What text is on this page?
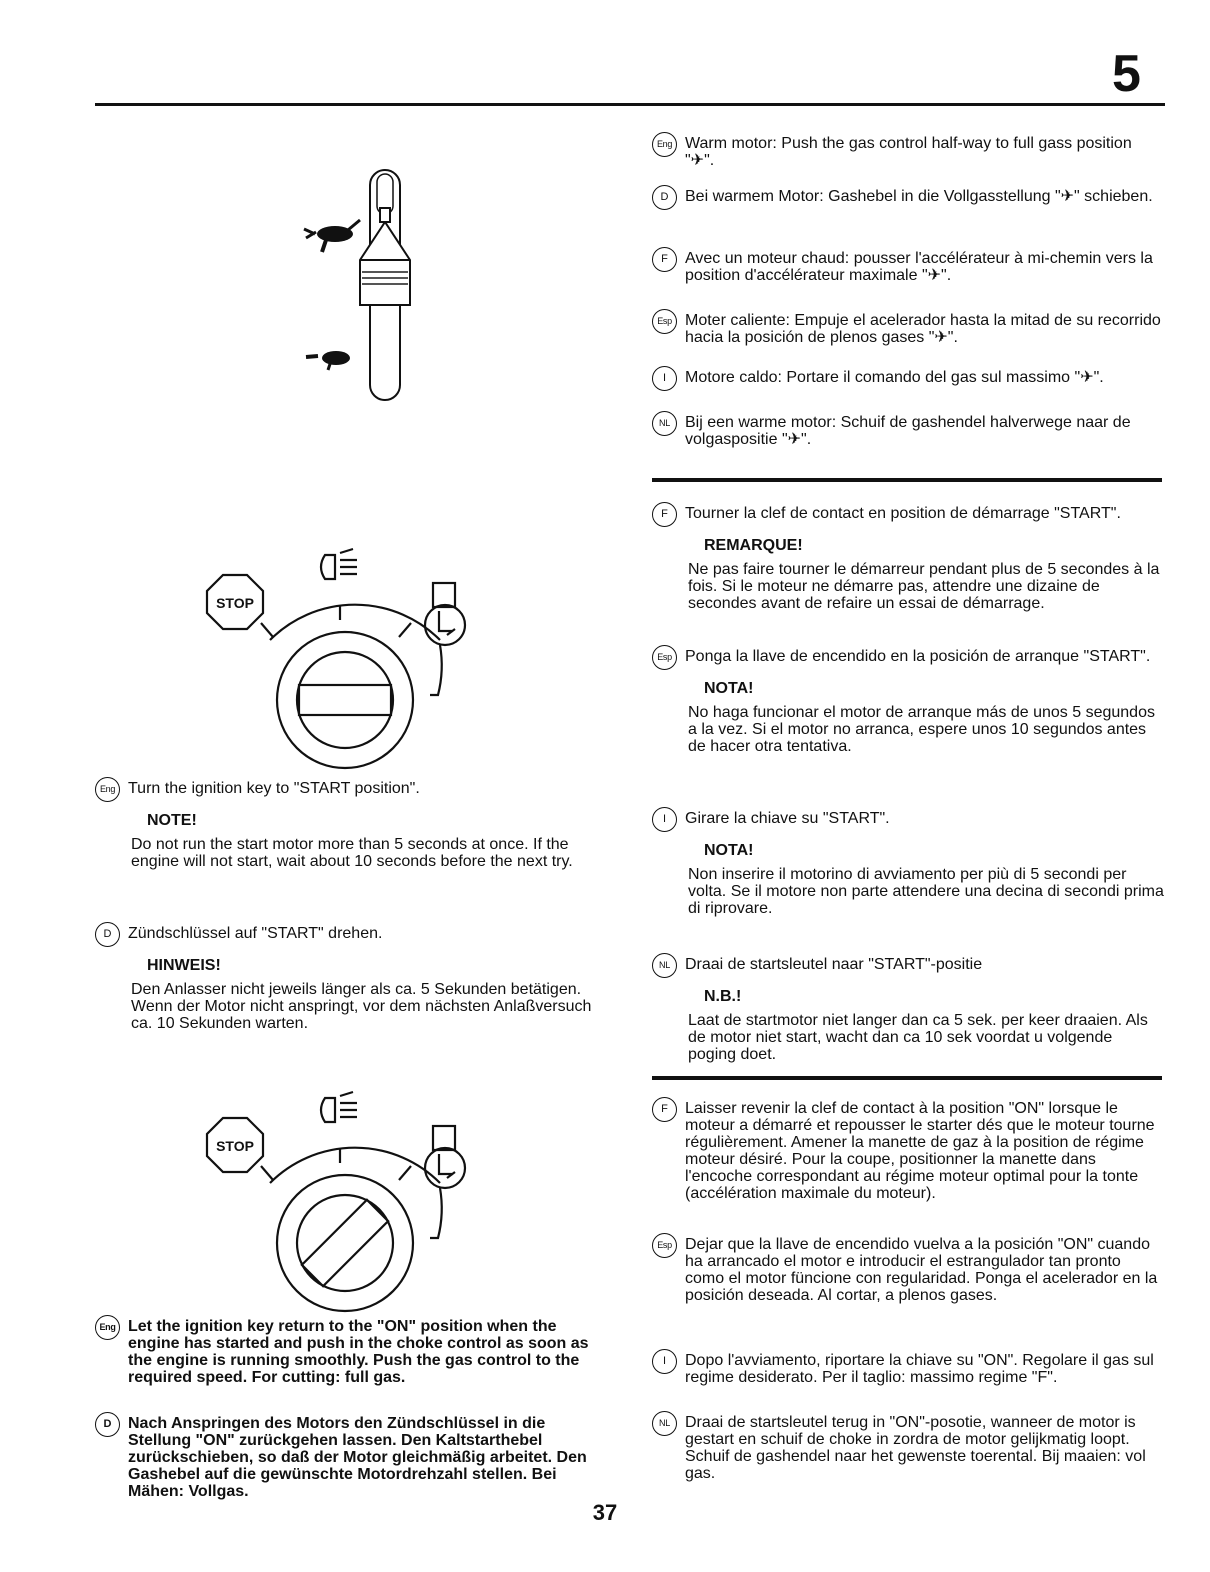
5
STOP
STOP
Eng Turn the ignition key to "START position".
NOTE!
Do not run the start motor more than 5 seconds at once. If the engine will not start, wait about 10 seconds before the next try.
D	Zündschlüssel auf "START" drehen.
HINWEIS!
Den Anlasser nicht jeweils länger als ca. 5 Sekunden betätigen. Wenn der Motor nicht anspringt, vor dem nächsten Anlaßversuch ca. 10 Sekunden warten.
Eng Let the ignition key return to the "ON" position when the engine has started and push in the choke control as soon as the engine is running smoothly. Push the gas control to the required speed. For cutting: full gas.
D	Nach Anspringen des Motors den Zündschlüssel in die Stellung "ON" zurückgehen lassen. Den Kaltstarthebel zurückschieben, so daß der Motor gleichmäßig arbeitet. Den Gashebel auf die gewünschte Motordrehzahl stellen. Bei Mähen: Vollgas.
Eng Warm motor: Push the gas control half-way to full gass position "✈".
D	Bei warmem Motor: Gashebel in die Vollgasstellung "✈" schieben.
F	Avec un moteur chaud: pousser l'accélérateur à mi-chemin vers la position d'accélérateur maximale "✈".
Esp Moter caliente: Empuje el acelerador hasta la mitad de su recorrido hacia la posición de plenos gases "✈".
I	Motore caldo: Portare il comando del gas sul massimo "✈".
NL Bij een warme motor: Schuif de gashendel halverwege naar de volgaspositie "✈".
F	Tourner la clef de contact en position de démarrage "START".
REMARQUE!
Ne pas faire tourner le démarreur pendant plus de 5 secondes à la fois. Si le moteur ne démarre pas, attendre une dizaine de secondes avant de refaire un essai de démarrage.
Esp Ponga la llave de encendido en la posición de arranque "START".
NOTA!
No haga funcionar el motor de arranque más de unos 5 segundos a la vez. Si el motor no arranca, espere unos 10 segundos antes de hacer otra tentativa.
I	Girare la chiave su "START".
NOTA!
Non inserire il motorino di avviamento per più di 5 secondi per volta. Se il motore non parte attendere una decina di secondi prima di riprovare.
NL Draai de startsleutel naar "START"-positie
N.B.!
Laat de startmotor niet langer dan ca 5 sek. per keer draaien. Als de motor niet start, wacht dan ca 10 sek voordat u volgende poging doet.
F	Laisser revenir la clef de contact à la position "ON" lorsque le moteur a démarré et repousser le starter dés que le moteur tourne régulièrement. Amener la manette de gaz à la position de régime moteur désiré. Pour la coupe, positionner la manette dans l'encoche correspondant au régime moteur optimal pour la tonte (accélération maximale du moteur).
Esp Dejar que la llave de encendido vuelva a la posición "ON" cuando ha arrancado el motor e introducir el estrangulador tan pronto como el motor füncione con regularidad. Ponga el acelerador en la posición deseada. Al cortar, a plenos gases.
I	Dopo l'avviamento, riportare la chiave su "ON". Regolare il gas sul regime desiderato. Per il taglio: massimo regime "F".
NL Draai de startsleutel terug in "ON"-posotie, wanneer de motor is gestart en schuif de choke in zordra de motor gelijkmatig loopt. Schuif de gashendel naar het gewenste toerental. Bij maaien: vol gas.
37
